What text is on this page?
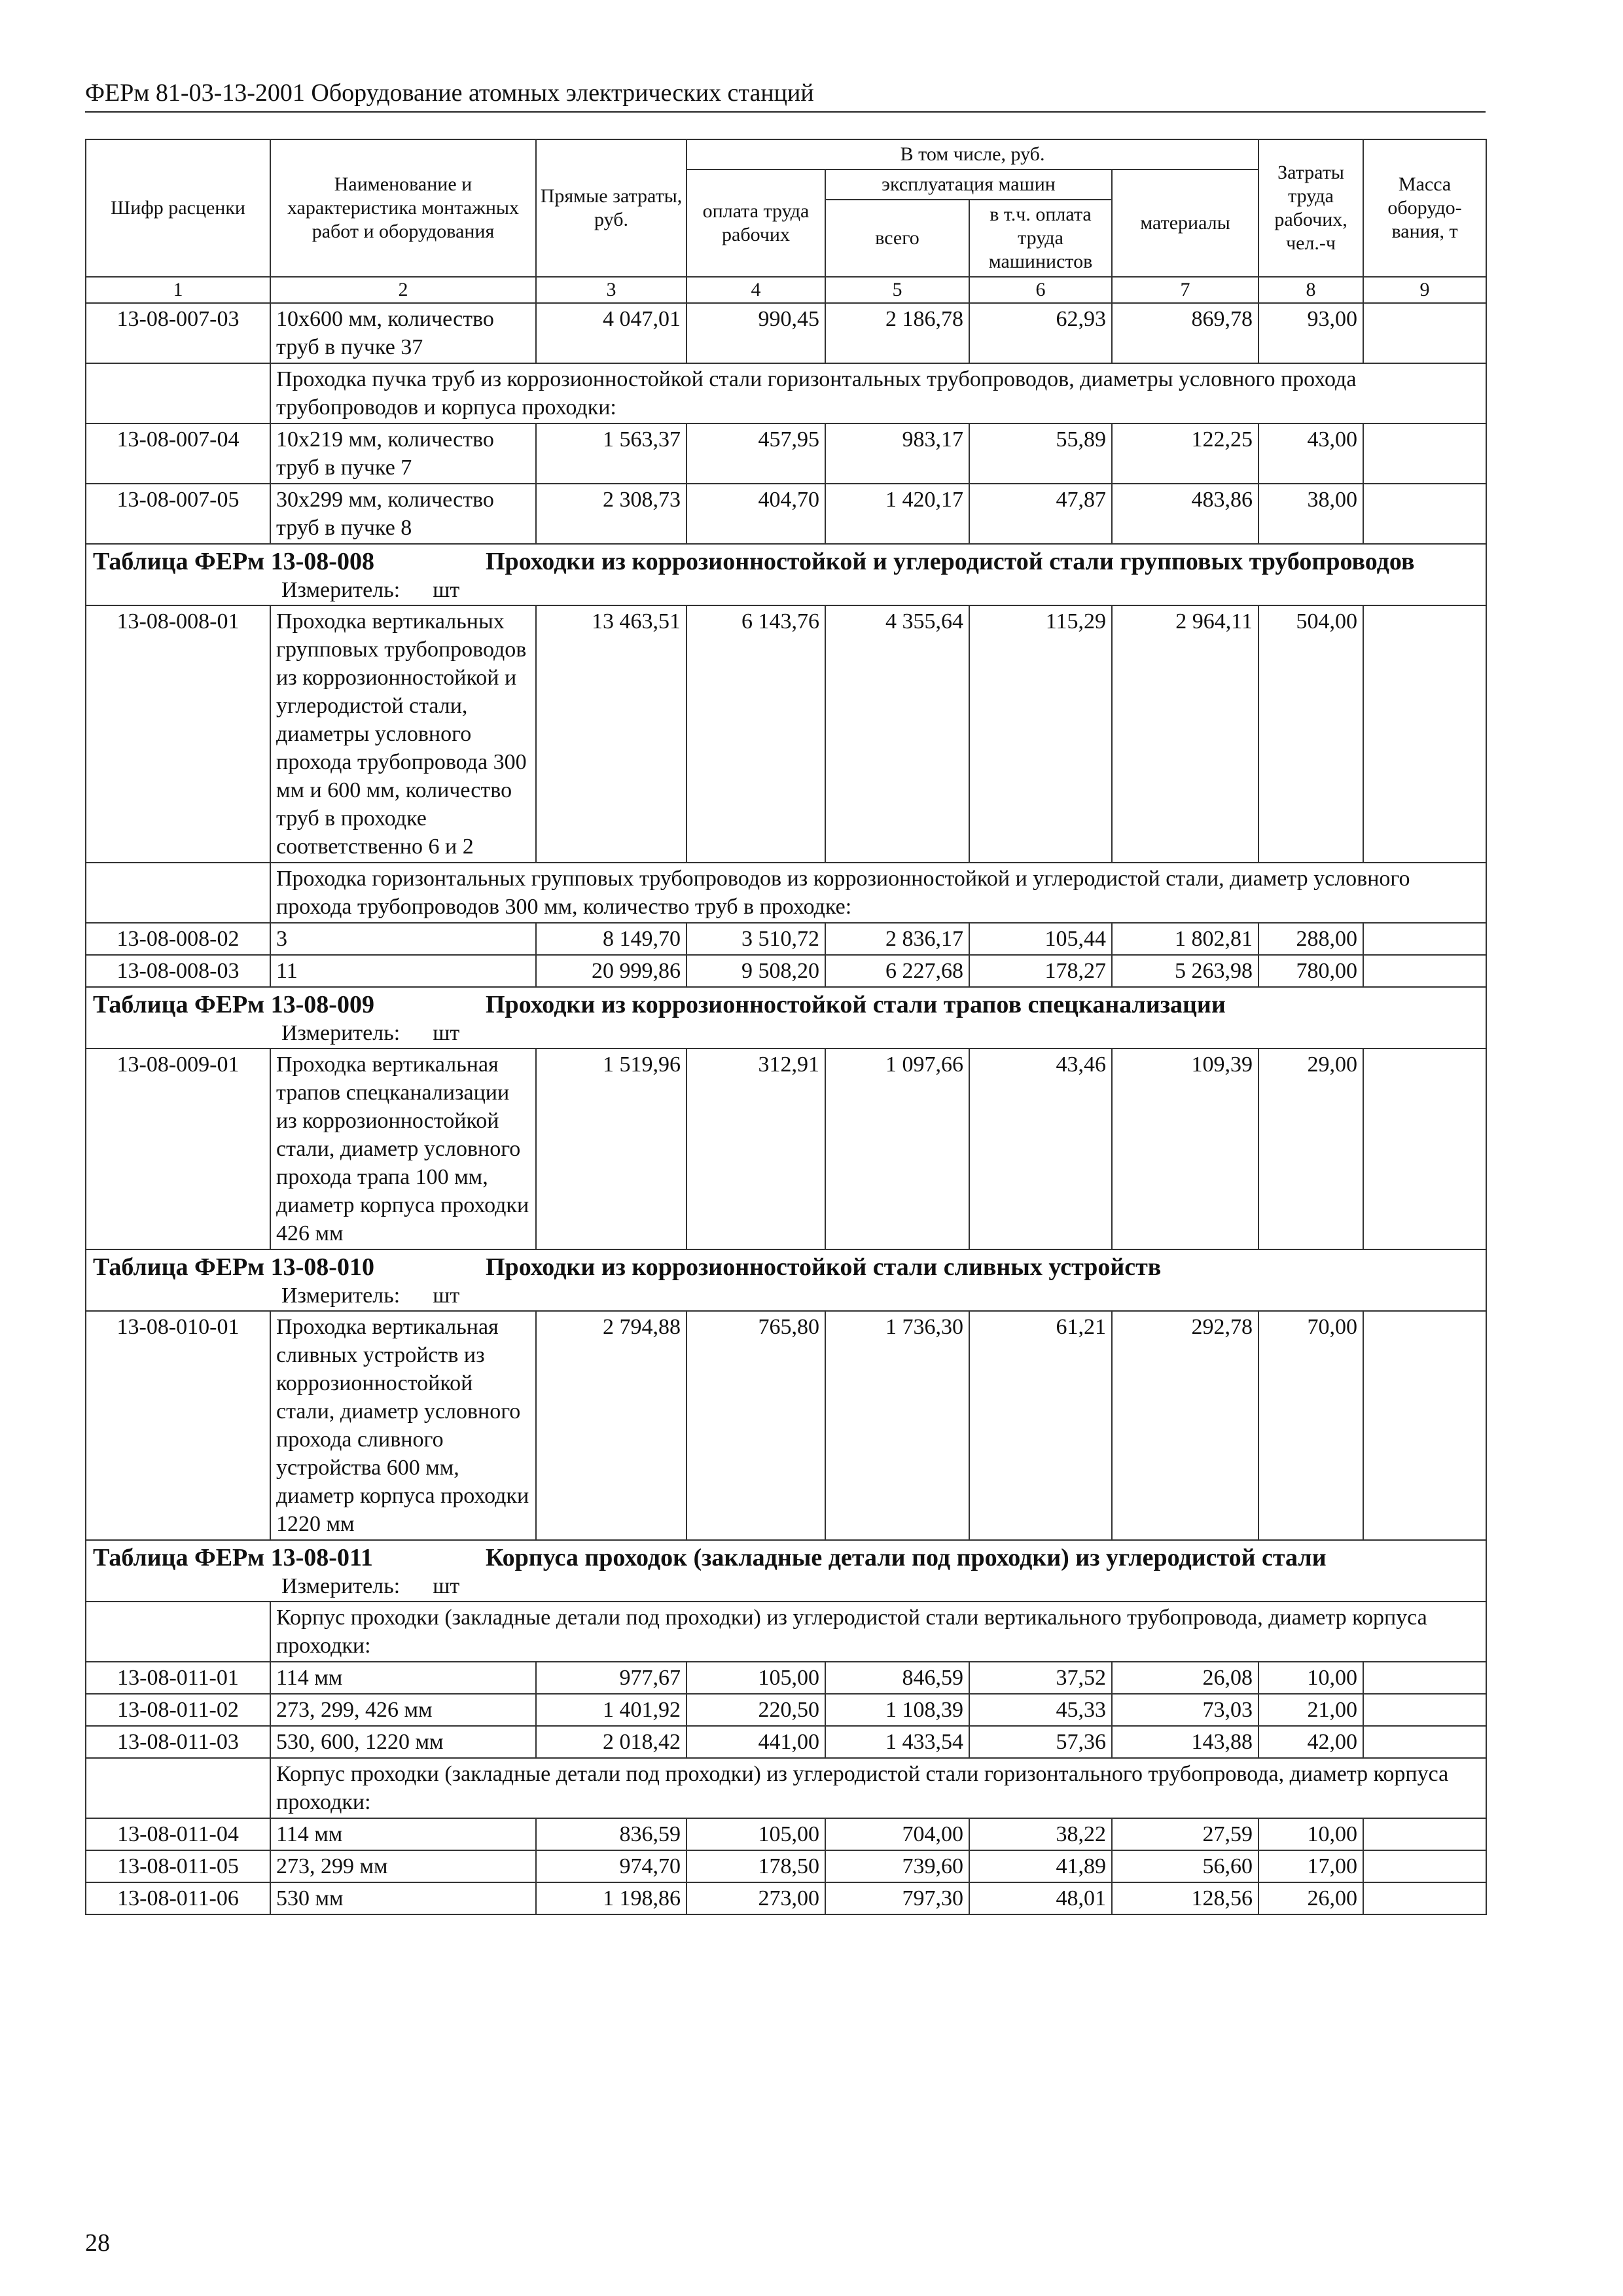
ФЕРм 81-03-13-2001 Оборудование атомных электрических станций
Шифр расценки	Наименование и характеристика монтажных работ и оборудования	Прямые затраты, руб.	В том числе, руб.				Затраты труда рабочих, чел.-ч	Масса оборудо-вания, т
			оплата труда рабочих	эксплуатация машин		материалы		
				всего	в т.ч. оплата труда машинистов			
1	2	3	4	5	6	7	8	9
13-08-007-03	10х600 мм, количество труб в пучке 37	4 047,01	990,45	2 186,78	62,93	869,78	93,00	
	Проходка пучка труб из коррозионностойкой стали горизонтальных трубопроводов, диаметры условного прохода трубопроводов и корпуса проходки:							
13-08-007-04	10х219 мм, количество труб в пучке 7	1 563,37	457,95	983,17	55,89	122,25	43,00	
13-08-007-05	30х299 мм, количество труб в пучке 8	2 308,73	404,70	1 420,17	47,87	483,86	38,00	

Таблица ФЕРм 13-08-008 Проходки из коррозионностойкой и углеродистой стали групповых трубопроводов
Измеритель: шт								

13-08-008-01	Проходка вертикальных групповых трубопроводов из коррозионностойкой и углеродистой стали, диаметры условного прохода трубопровода 300 мм и 600 мм, количество труб в проходке соответственно 6 и 2	13 463,51	6 143,76	4 355,64	115,29	2 964,11	504,00	
	Проходка горизонтальных групповых трубопроводов из коррозионностойкой и углеродистой стали, диаметр условного прохода трубопроводов 300 мм, количество труб в проходке:							
13-08-008-02	3	8 149,70	3 510,72	2 836,17	105,44	1 802,81	288,00	
13-08-008-03	11	20 999,86	9 508,20	6 227,68	178,27	5 263,98	780,00	

Таблица ФЕРм 13-08-009 Проходки из коррозионностойкой стали трапов спецканализации
Измеритель: шт								

13-08-009-01	Проходка вертикальная трапов спецканализации из коррозионностойкой стали, диаметр условного прохода трапа 100 мм, диаметр корпуса проходки 426 мм	1 519,96	312,91	1 097,66	43,46	109,39	29,00	

Таблица ФЕРм 13-08-010 Проходки из коррозионностойкой стали сливных устройств
Измеритель: шт								

13-08-010-01	Проходка вертикальная сливных устройств из коррозионностойкой стали, диаметр условного прохода сливного устройства 600 мм, диаметр корпуса проходки 1220 мм	2 794,88	765,80	1 736,30	61,21	292,78	70,00	

Таблица ФЕРм 13-08-011 Корпуса проходок (закладные детали под проходки) из углеродистой стали
Измеритель: шт								

	Корпус проходки (закладные детали под проходки) из углеродистой стали вертикального трубопровода, диаметр корпуса проходки:							
13-08-011-01	114 мм	977,67	105,00	846,59	37,52	26,08	10,00	
13-08-011-02	273, 299, 426 мм	1 401,92	220,50	1 108,39	45,33	73,03	21,00	
13-08-011-03	530, 600, 1220 мм	2 018,42	441,00	1 433,54	57,36	143,88	42,00	
	Корпус проходки (закладные детали под проходки) из углеродистой стали горизонтального трубопровода, диаметр корпуса проходки:							
13-08-011-04	114 мм	836,59	105,00	704,00	38,22	27,59	10,00	
13-08-011-05	273, 299 мм	974,70	178,50	739,60	41,89	56,60	17,00	
13-08-011-06	530 мм	1 198,86	273,00	797,30	48,01	128,56	26,00	
28
